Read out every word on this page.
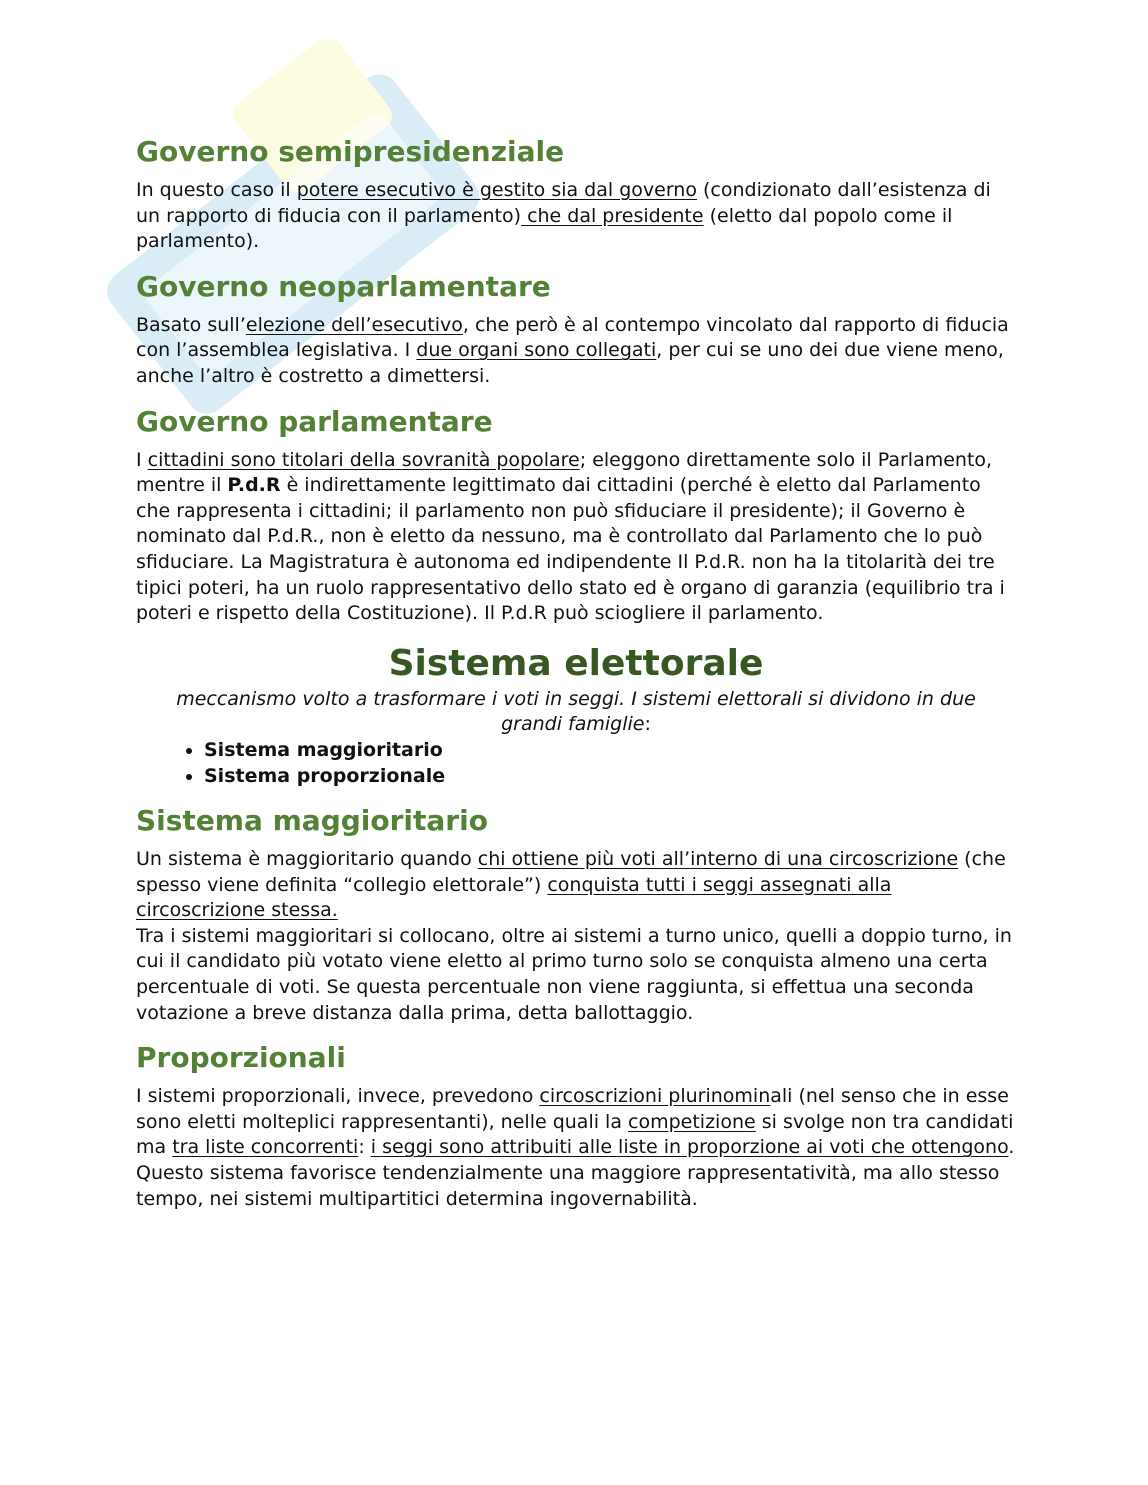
Governo semipresidenziale

In questo caso il potere esecutivo è gestito sia dal governo (condizionato dall’esistenza di un rapporto di fiducia con il parlamento) che dal presidente (eletto dal popolo come il parlamento).

Governo neoparlamentare

Basato sull’elezione dell’esecutivo, che però è al contempo vincolato dal rapporto di fiducia con l’assemblea legislativa. I due organi sono collegati, per cui se uno dei due viene meno, anche l’altro è costretto a dimettersi.

Governo parlamentare

I cittadini sono titolari della sovranità popolare; eleggono direttamente solo il Parlamento, mentre il P.d.R è indirettamente legittimato dai cittadini (perché è eletto dal Parlamento che rappresenta i cittadini; il parlamento non può sfiduciare il presidente); il Governo è nominato dal P.d.R., non è eletto da nessuno, ma è controllato dal Parlamento che lo può sfiduciare. La Magistratura è autonoma ed indipendente Il P.d.R. non ha la titolarità dei tre tipici poteri, ha un ruolo rappresentativo dello stato ed è organo di garanzia (equilibrio tra i poteri e rispetto della Costituzione). Il P.d.R può sciogliere il parlamento.

Sistema elettorale

meccanismo volto a trasformare i voti in seggi. I sistemi elettorali si dividono in due grandi famiglie:

• Sistema maggioritario
• Sistema proporzionale
Sistema maggioritario

Un sistema è maggioritario quando chi ottiene più voti all’interno di una circoscrizione (che spesso viene definita “collegio elettorale”) conquista tutti i seggi assegnati alla circoscrizione stessa.

Tra i sistemi maggioritari si collocano, oltre ai sistemi a turno unico, quelli a doppio turno, in cui il candidato più votato viene eletto al primo turno solo se conquista almeno una certa percentuale di voti. Se questa percentuale non viene raggiunta, si effettua una seconda votazione a breve distanza dalla prima, detta ballottaggio.

Proporzionali

I sistemi proporzionali, invece, prevedono circoscrizioni plurinominali (nel senso che in esse sono eletti molteplici rappresentanti), nelle quali la competizione si svolge non tra candidati ma tra liste concorrenti: i seggi sono attribuiti alle liste in proporzione ai voti che ottengono. Questo sistema favorisce tendenzialmente una maggiore rappresentatività, ma allo stesso tempo, nei sistemi multipartitici determina ingovernabilità.
